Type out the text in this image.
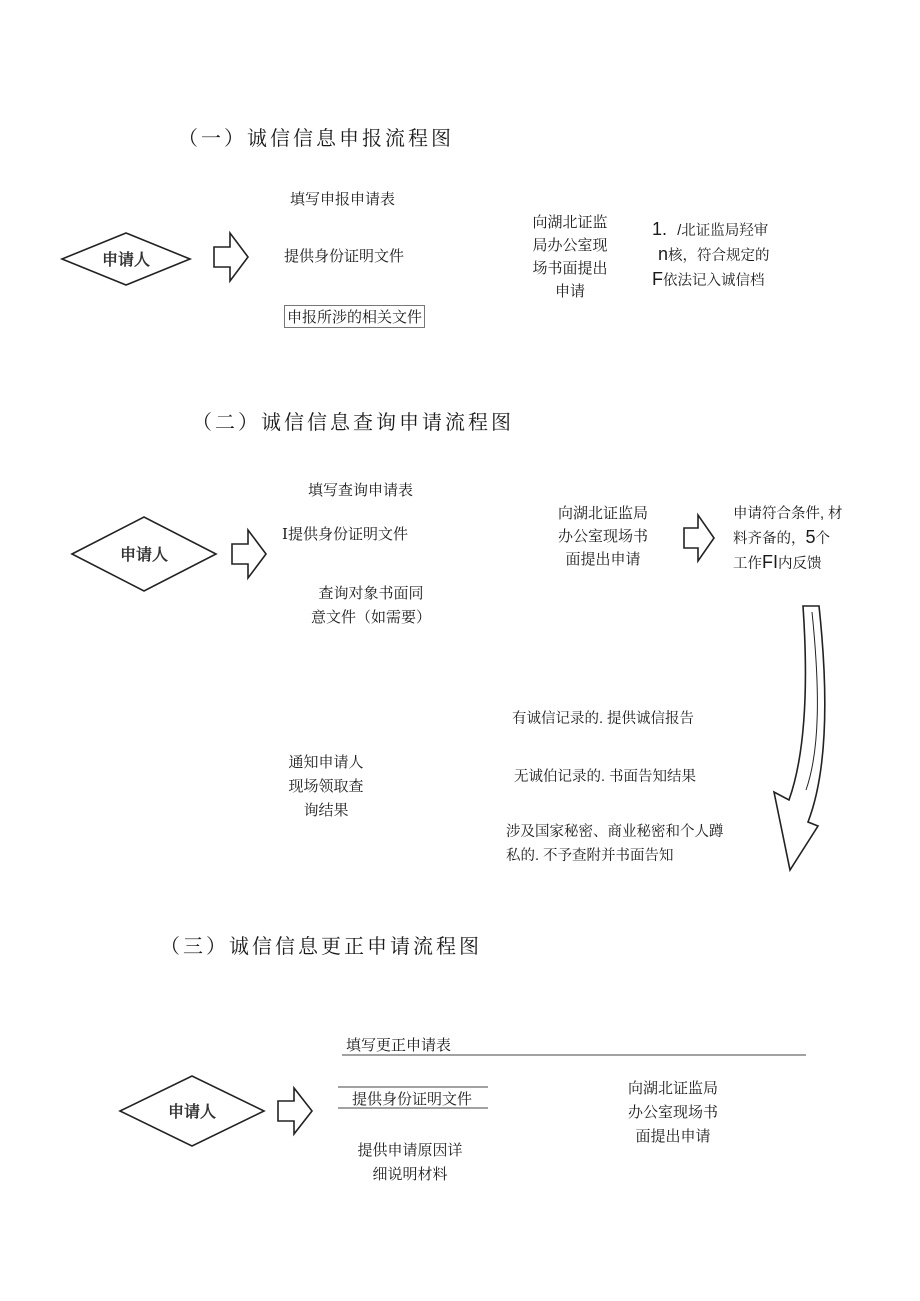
申请人
申请人
申请人
（一）诚信信息申报流程图
填写申报申请表
提供身份证明文件
申报所涉的相关文件
向湖北证监
局办公室现
场书面提出
申请
1. /北证监局羟审
n核，符合规定的
F依法记入诚信档
（二）诚信信息查询申请流程图
填写查询申请表
I提供身份证明文件
查询对象书面同
意文件（如需要）
向湖北证监局
办公室现场书
面提出申请
申请符合条件, 材
料齐备的，5个
工作FI内反馈
通知申请人
现场领取查
询结果
有诚信记录的. 提供诚信报告
无诚伯记录的. 书面告知结果
涉及国家秘密、商业秘密和个人蹲
私的. 不予查附并书面告知
（三）诚信信息更正申请流程图
填写更正申请表
提供身份证明文件
提供申请原因详
细说明材料
向湖北证监局
办公室现场书
面提出申请
